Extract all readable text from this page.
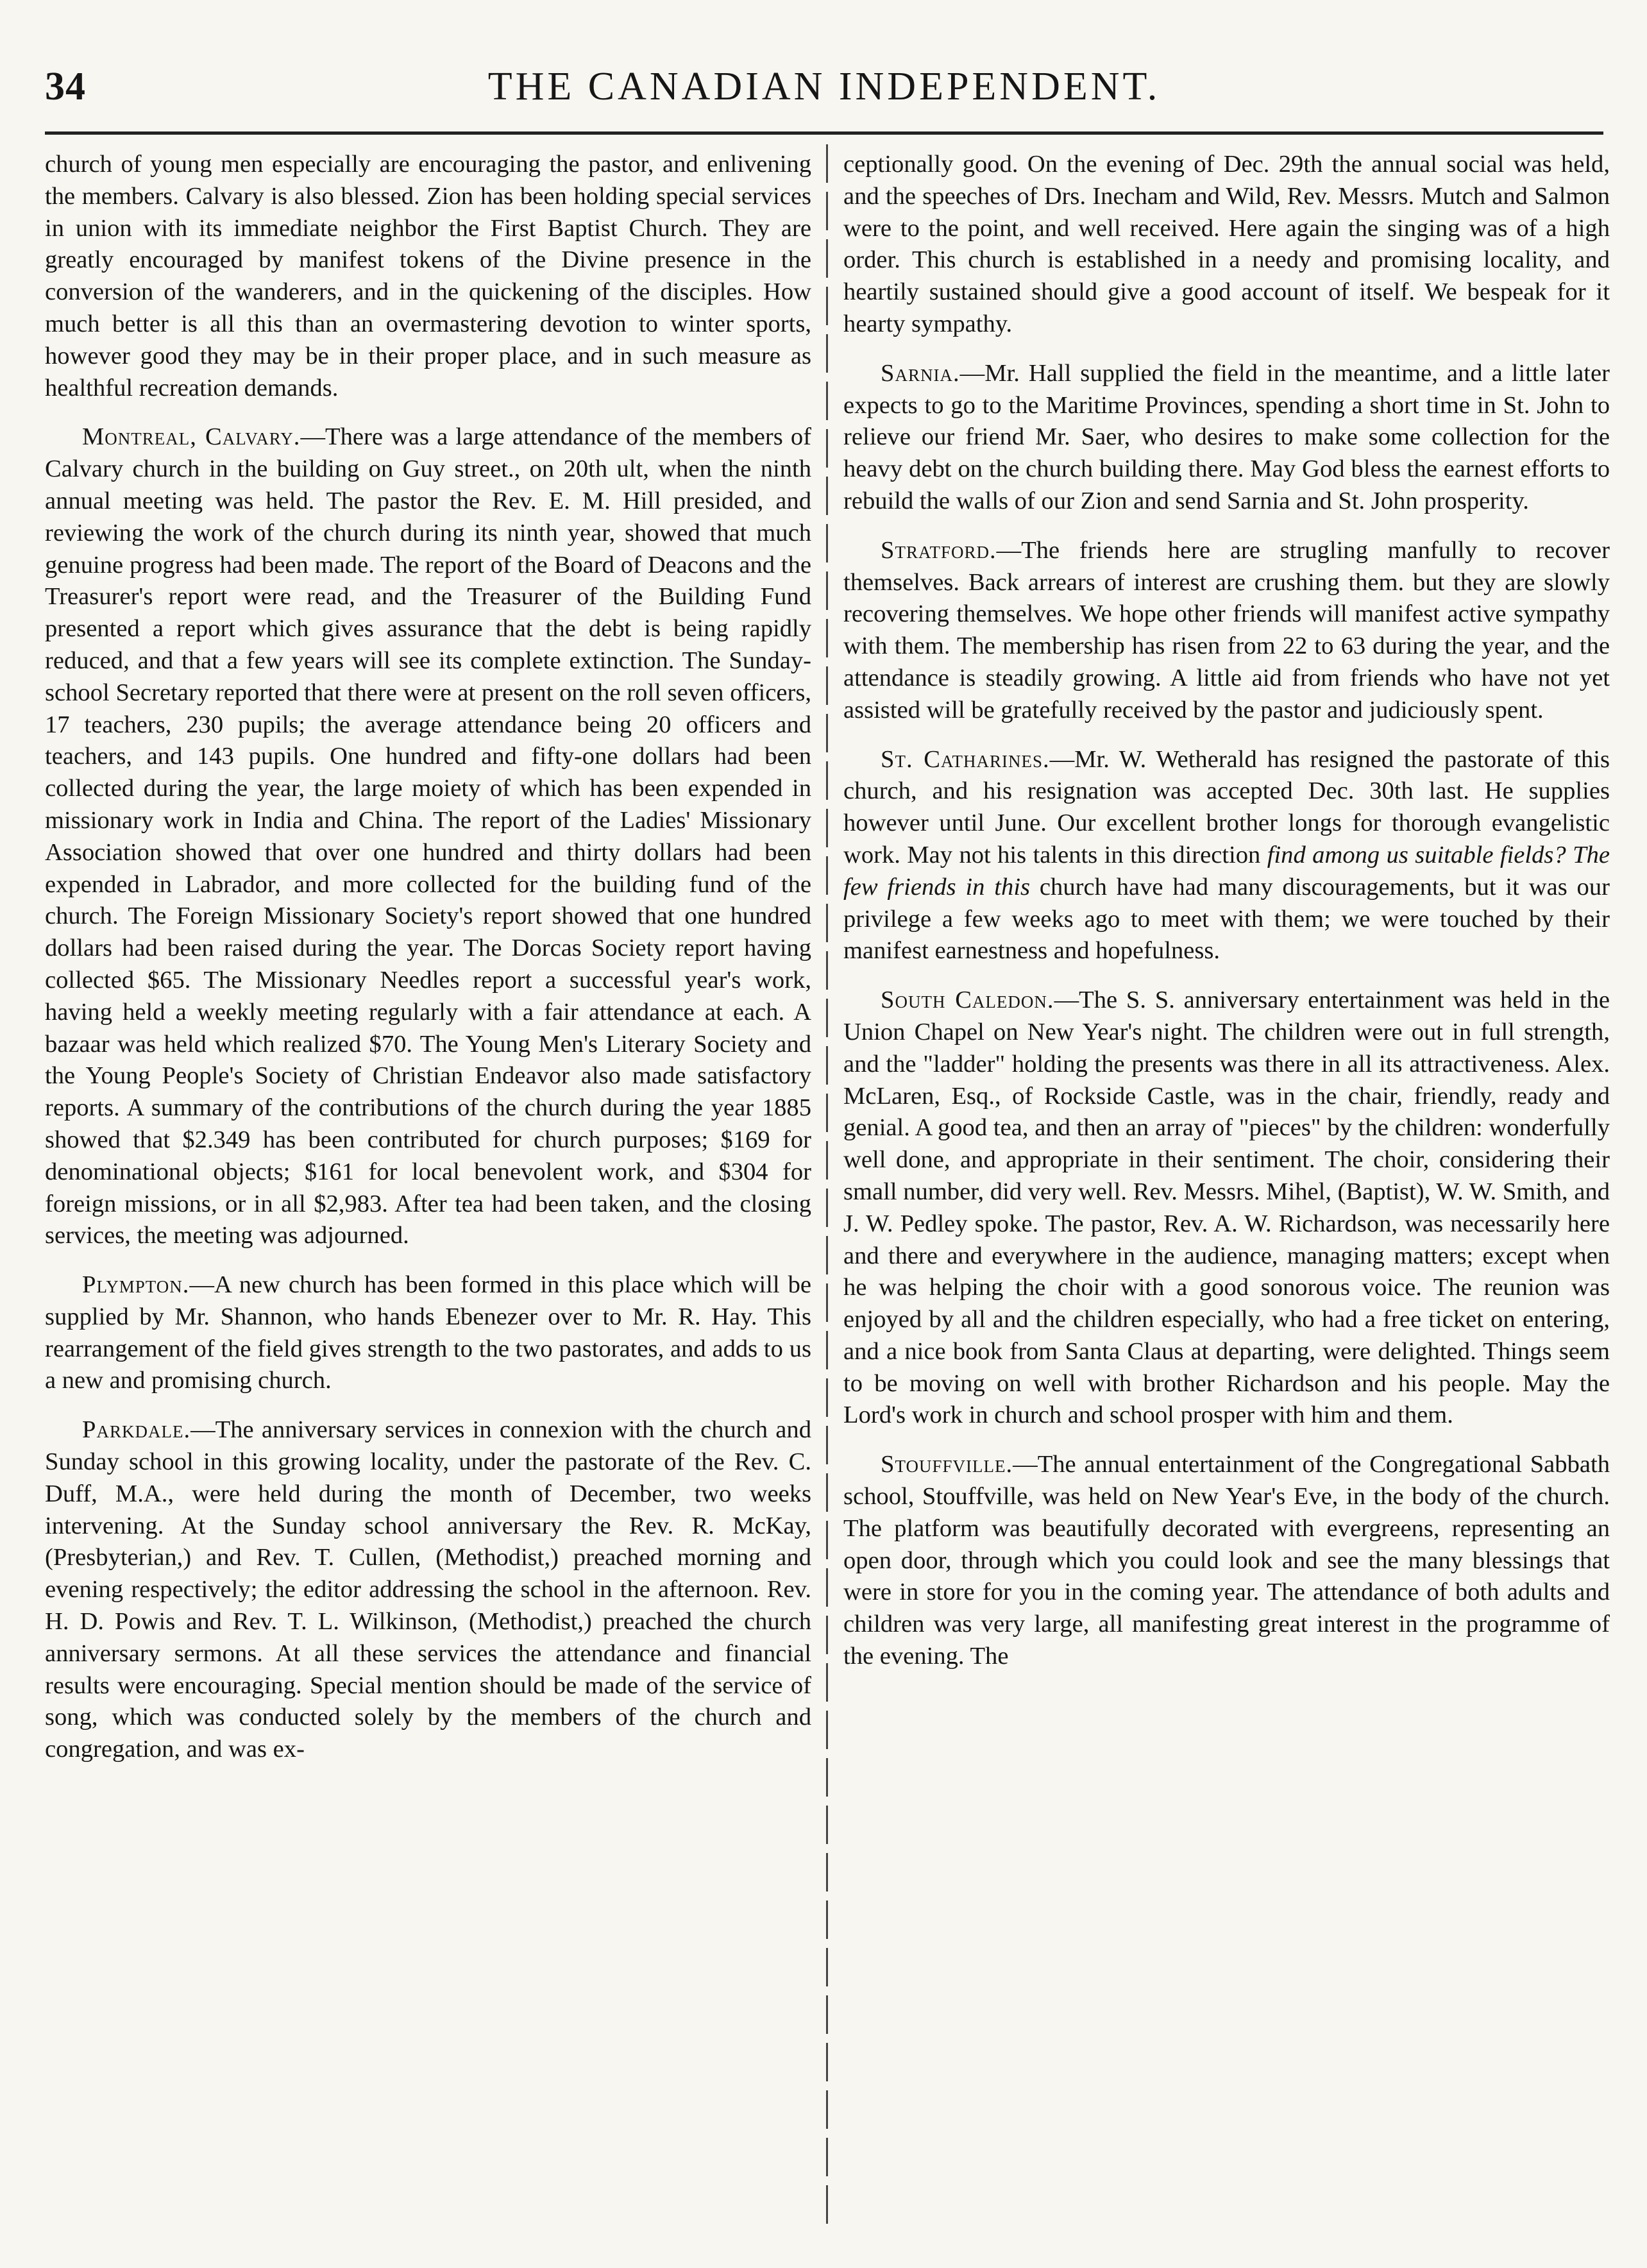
34	THE CANADIAN INDEPENDENT.

church of young men especially are encouraging the pastor, and enlivening the members. Calvary is also blessed. Zion has been holding special services in union with its immediate neighbor the First Baptist Church. They are greatly encouraged by manifest tokens of the Divine presence in the conversion of the wanderers, and in the quickening of the disciples. How much better is all this than an overmastering devotion to winter sports, however good they may be in their proper place, and in such measure as healthful recreation demands.

Montreal, Calvary.—There was a large attendance of the members of Calvary church in the building on Guy street., on 20th ult, when the ninth annual meeting was held. The pastor the Rev. E. M. Hill presided, and reviewing the work of the church during its ninth year, showed that much genuine progress had been made. The report of the Board of Deacons and the Treasurer's report were read, and the Treasurer of the Building Fund presented a report which gives assurance that the debt is being rapidly reduced, and that a few years will see its complete extinction. The Sunday-school Secretary reported that there were at present on the roll seven officers, 17 teachers, 230 pupils; the average attendance being 20 officers and teachers, and 143 pupils. One hundred and fifty-one dollars had been collected during the year, the large moiety of which has been expended in missionary work in India and China. The report of the Ladies' Missionary Association showed that over one hundred and thirty dollars had been expended in Labrador, and more collected for the building fund of the church. The Foreign Missionary Society's report showed that one hundred dollars had been raised during the year. The Dorcas Society report having collected $65. The Missionary Needles report a successful year's work, having held a weekly meeting regularly with a fair attendance at each. A bazaar was held which realized $70. The Young Men's Literary Society and the Young People's Society of Christian Endeavor also made satisfactory reports. A summary of the contributions of the church during the year 1885 showed that $2.349 has been contributed for church purposes; $169 for denominational objects; $161 for local benevolent work, and $304 for foreign missions, or in all $2,983. After tea had been taken, and the closing services, the meeting was adjourned.

Plympton.—A new church has been formed in this place which will be supplied by Mr. Shannon, who hands Ebenezer over to Mr. R. Hay. This rearrangement of the field gives strength to the two pastorates, and adds to us a new and promising church.

Parkdale.—The anniversary services in connexion with the church and Sunday school in this growing locality, under the pastorate of the Rev. C. Duff, M.A., were held during the month of December, two weeks intervening. At the Sunday school anniversary the Rev. R. McKay, (Presbyterian,) and Rev. T. Cullen, (Methodist,) preached morning and evening respectively; the editor addressing the school in the afternoon. Rev. H. D. Powis and Rev. T. L. Wilkinson, (Methodist,) preached the church anniversary sermons. At all these services the attendance and financial results were encouraging. Special mention should be made of the service of song, which was conducted solely by the members of the church and congregation, and was ex-

ceptionally good. On the evening of Dec. 29th the annual social was held, and the speeches of Drs. Inecham and Wild, Rev. Messrs. Mutch and Salmon were to the point, and well received. Here again the singing was of a high order. This church is established in a needy and promising locality, and heartily sustained should give a good account of itself. We bespeak for it hearty sympathy.

Sarnia.—Mr. Hall supplied the field in the meantime, and a little later expects to go to the Maritime Provinces, spending a short time in St. John to relieve our friend Mr. Saer, who desires to make some collection for the heavy debt on the church building there. May God bless the earnest efforts to rebuild the walls of our Zion and send Sarnia and St. John prosperity.

Stratford.—The friends here are strugling manfully to recover themselves. Back arrears of interest are crushing them. but they are slowly recovering themselves. We hope other friends will manifest active sympathy with them. The membership has risen from 22 to 63 during the year, and the attendance is steadily growing. A little aid from friends who have not yet assisted will be gratefully received by the pastor and judiciously spent.

St. Catharines.—Mr. W. Wetherald has resigned the pastorate of this church, and his resignation was accepted Dec. 30th last. He supplies however until June. Our excellent brother longs for thorough evangelistic work. May not his talents in this direction find among us suitable fields? The few friends in this church have had many discouragements, but it was our privilege a few weeks ago to meet with them; we were touched by their manifest earnestness and hopefulness.

South Caledon.—The S. S. anniversary entertainment was held in the Union Chapel on New Year's night. The children were out in full strength, and the "ladder" holding the presents was there in all its attractiveness. Alex. McLaren, Esq., of Rockside Castle, was in the chair, friendly, ready and genial. A good tea, and then an array of "pieces" by the children: wonderfully well done, and appropriate in their sentiment. The choir, considering their small number, did very well. Rev. Messrs. Mihel, (Baptist), W. W. Smith, and J. W. Pedley spoke. The pastor, Rev. A. W. Richardson, was necessarily here and there and everywhere in the audience, managing matters; except when he was helping the choir with a good sonorous voice. The reunion was enjoyed by all and the children especially, who had a free ticket on entering, and a nice book from Santa Claus at departing, were delighted. Things seem to be moving on well with brother Richardson and his people. May the Lord's work in church and school prosper with him and them.

Stouffville.—The annual entertainment of the Congregational Sabbath school, Stouffville, was held on New Year's Eve, in the body of the church. The platform was beautifully decorated with evergreens, representing an open door, through which you could look and see the many blessings that were in store for you in the coming year. The attendance of both adults and children was very large, all manifesting great interest in the programme of the evening. The
